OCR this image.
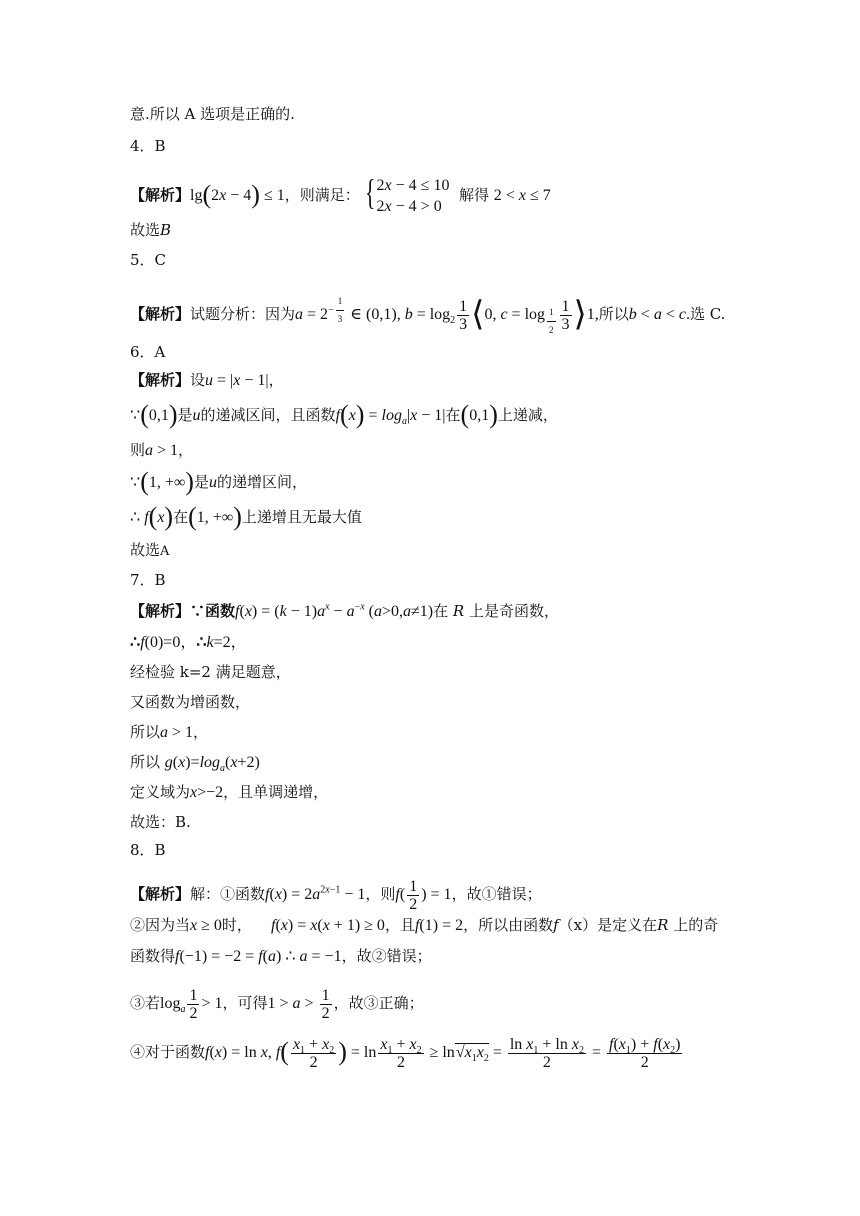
意.所以 A 选项是正确的.
4．B
【解析】lg(2x − 4) ≤ 1，则满足： { 2x − 4 ≤ 10
2x − 4 > 0
解得 2 < x ≤ 7
故选B
5．C
【解析】试题分析：因为$a = 2^{- \frac{1}{3}}$ ∈ (0,1), $b = \log_2 \frac{1}{3}$ ⟨0, $c = \log _{\frac{1}{2}} \frac{1}{3}$ ⟩1,所以b < a < c.选 C.
6．A
【解析】设u = |x − 1|，
∵(0,1)是u的递减区间，且函数$f(x) = \log_a|x - 1|$在(0,1)上递减，
则a > 1，
∵(1, +∞)是u的递增区间，
∴ f(x)在(1, +∞)上递增且无最大值
故选A
7．B
【解析】∵函数$f(x) = (k - 1)a^x - a^{-x}$ (a>0,a≠1)在 R 上是奇函数，
∴f(0)=0，∴k=2，
经检验 k=2 满足题意，
又函数为增函数，
所以a > 1，
所以 $g(x)=\log_a(x+2)$
定义域为x>−2，且单调递增，
故选：B.
8．B
【解析】解：①函数$f(x) = 2a^{2x-1} - 1$，则$f( \frac{1}{2}$ ) = 1，故①错误；
②因为当x ≥ 0时， f(x) = x(x + 1) ≥ 0，且f(1) = 2，所以由函数f（x）是定义在R 上的奇
函数得f(−1) = −2 = f(a) ∴ a = −1，故②错误；
③若$\log_a \frac{1}{2} > 1$，可得$1 > a > \frac{1}{2}$ ，故③正确；
④对于函数f(x) = ln x, $f( \frac{x_1 + x_2}{2}$ ) = $\ln \frac{x_1 + x_2}{2} \ge \ln√x_1x_2 = \frac{\ln x_1 + \ln x_2}{2} = \frac{f(x_1) + f(x_2)}{2}$
